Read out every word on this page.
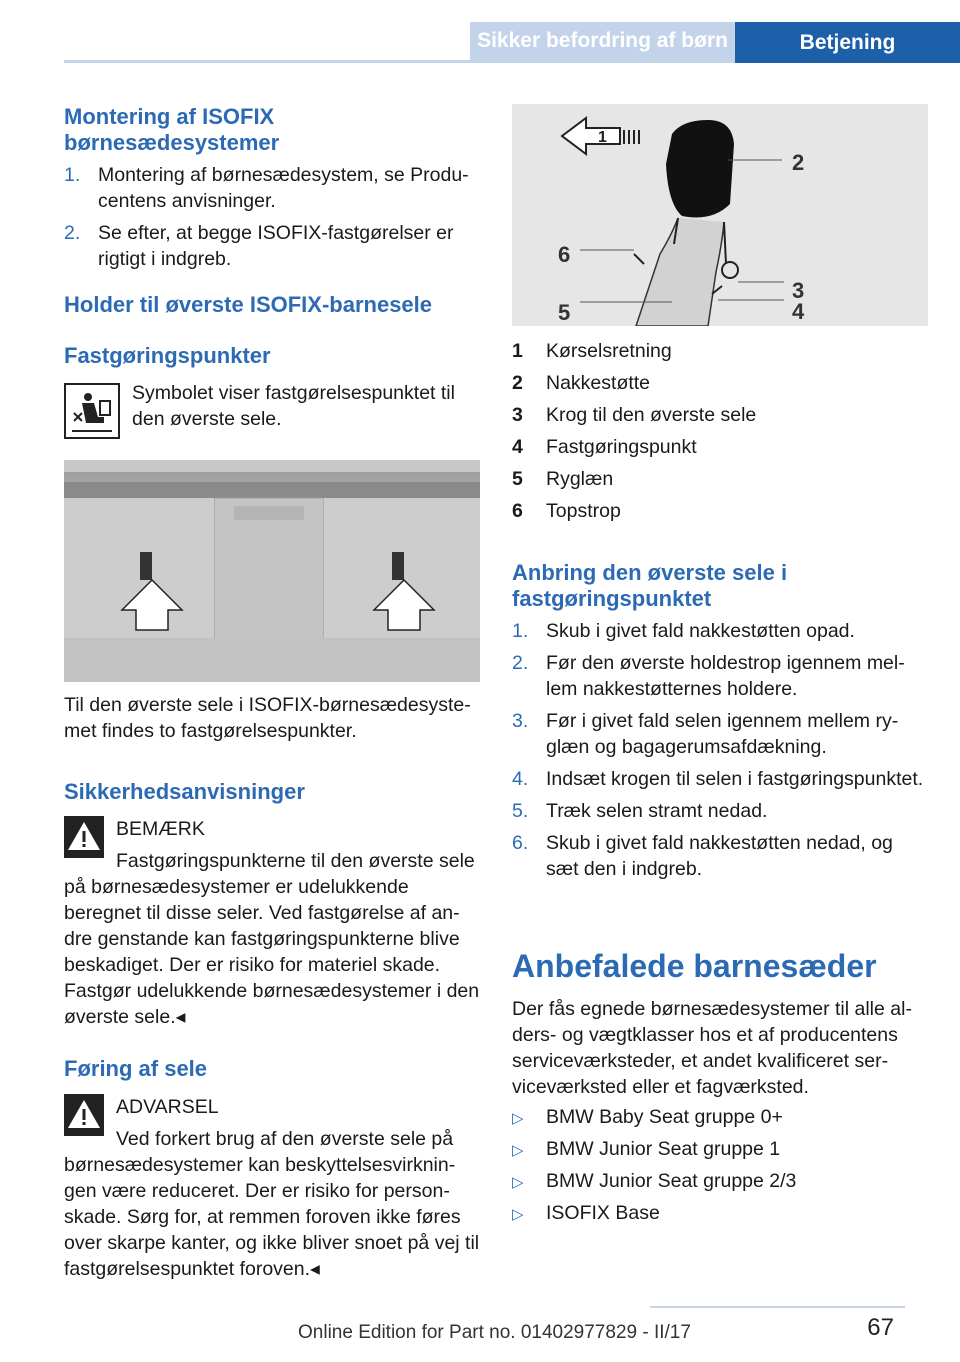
Sikker befordring af børn	Betjening
Montering af ISOFIX børnesædesystemer
1. Montering af børnesædesystem, se Producentens anvisninger.
2. Se efter, at begge ISOFIX-fastgørelser er rigtigt i indgreb.
Holder til øverste ISOFIX-barnesele
Fastgøringspunkter
Symbolet viser fastgørelsespunktet til den øverste sele.
Til den øverste sele i ISOFIX-børnesædesystemet findes to fastgørelsespunkter.
Sikkerhedsanvisninger
BEMÆRK
Fastgøringspunkterne til den øverste sele på børnesædesystemer er udelukkende beregnet til disse seler. Ved fastgørelse af andre genstande kan fastgøringspunkterne blive beskadiget. Der er risiko for materiel skade. Fastgør udelukkende børnesædesystemer i den øverste sele.◂
Føring af sele
ADVARSEL
Ved forkert brug af den øverste sele på børnesædesystemer kan beskyttelsesvirkningen være reduceret. Der er risiko for personskade. Sørg for, at remmen foroven ikke føres over skarpe kanter, og ikke bliver snoet på vej til fastgørelsespunktet foroven.◂
1
2
3
4
5
6
1 Kørselsretning
2 Nakkestøtte
3 Krog til den øverste sele
4 Fastgøringspunkt
5 Ryglæn
6 Topstrop
Anbring den øverste sele i fastgøringspunktet
1. Skub i givet fald nakkestøtten opad.
2. Før den øverste holdestrop igennem mellem nakkestøtternes holdere.
3. Før i givet fald selen igennem mellem ryglæn og bagagerumsafdækning.
4. Indsæt krogen til selen i fastgøringspunktet.
5. Træk selen stramt nedad.
6. Skub i givet fald nakkestøtten nedad, og sæt den i indgreb.
Anbefalede barnesæder
Der fås egnede børnesædesystemer til alle alders- og vægtklasser hos et af producentens serviceværksteder, et andet kvalificeret serviceværksted eller et fagværksted.
▷ BMW Baby Seat gruppe 0+
▷ BMW Junior Seat gruppe 1
▷ BMW Junior Seat gruppe 2/3
▷ ISOFIX Base
Online Edition for Part no. 01402977829 - II/17	67
